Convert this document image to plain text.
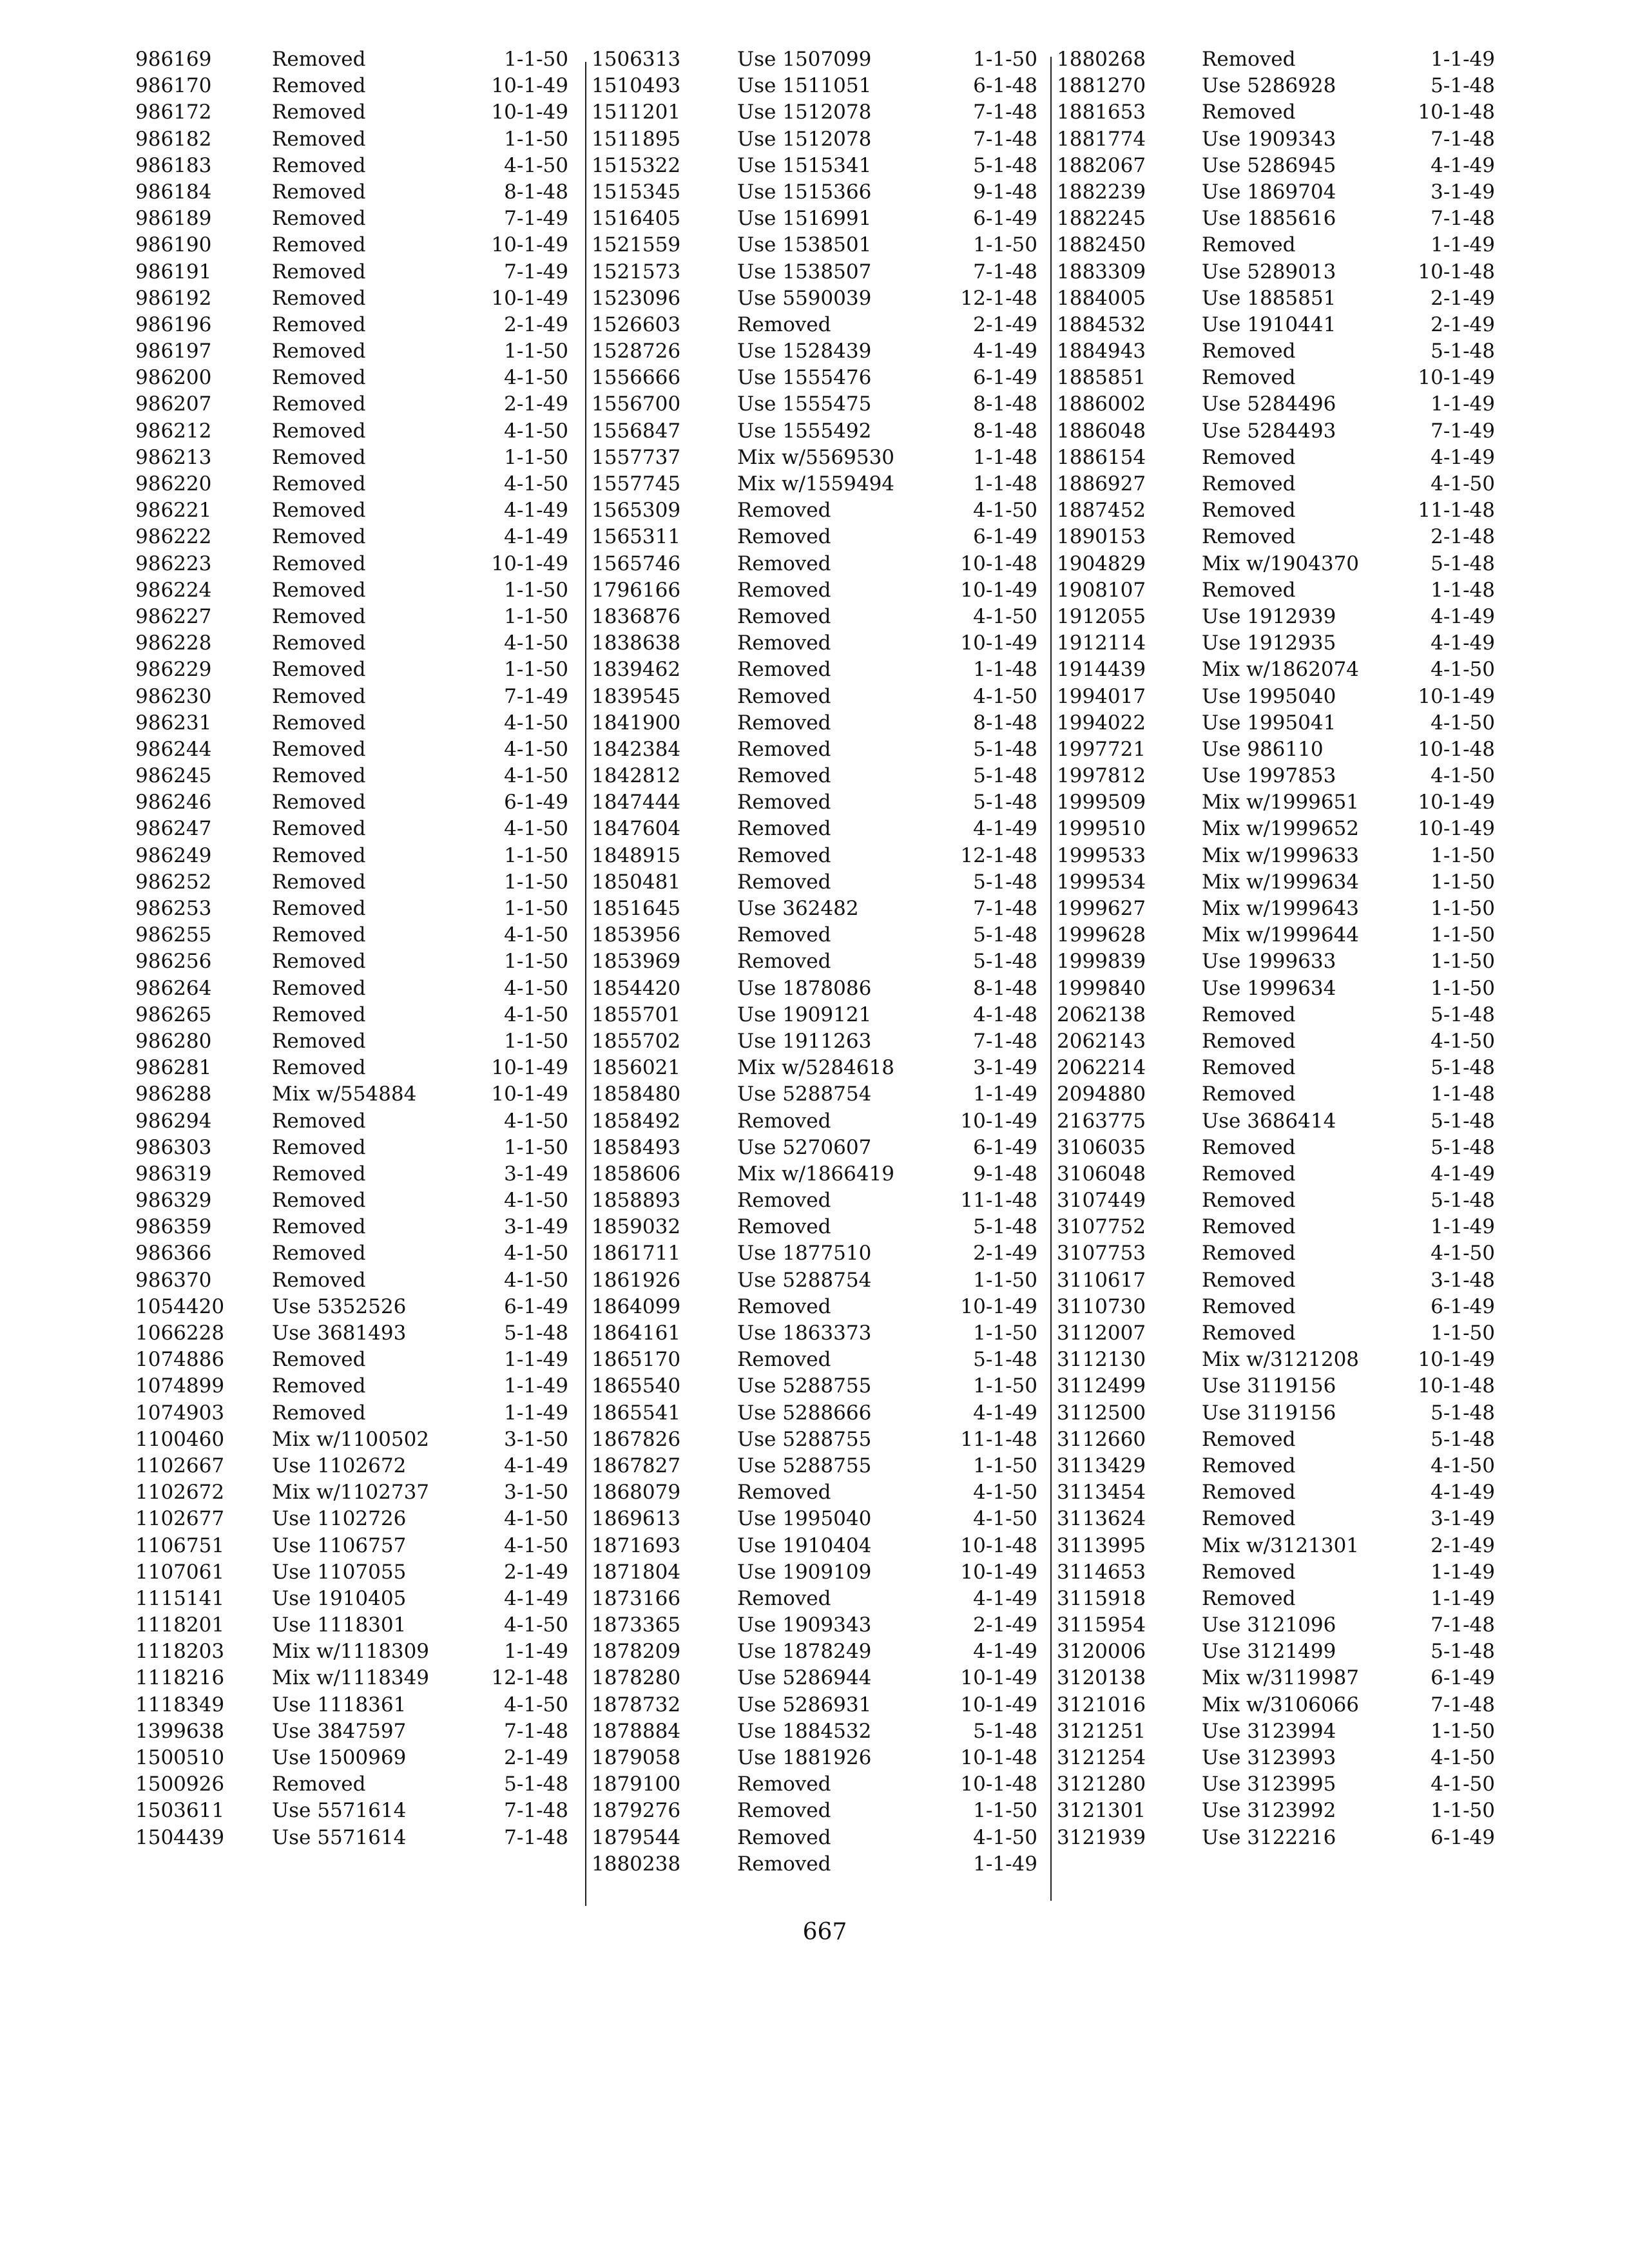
986169	Removed	1-1-50
986170	Removed	10-1-49
986172	Removed	10-1-49
986182	Removed	1-1-50
986183	Removed	4-1-50
986184	Removed	8-1-48
986189	Removed	7-1-49
986190	Removed	10-1-49
986191	Removed	7-1-49
986192	Removed	10-1-49
986196	Removed	2-1-49
986197	Removed	1-1-50
986200	Removed	4-1-50
986207	Removed	2-1-49
986212	Removed	4-1-50
986213	Removed	1-1-50
986220	Removed	4-1-50
986221	Removed	4-1-49
986222	Removed	4-1-49
986223	Removed	10-1-49
986224	Removed	1-1-50
986227	Removed	1-1-50
986228	Removed	4-1-50
986229	Removed	1-1-50
986230	Removed	7-1-49
986231	Removed	4-1-50
986244	Removed	4-1-50
986245	Removed	4-1-50
986246	Removed	6-1-49
986247	Removed	4-1-50
986249	Removed	1-1-50
986252	Removed	1-1-50
986253	Removed	1-1-50
986255	Removed	4-1-50
986256	Removed	1-1-50
986264	Removed	4-1-50
986265	Removed	4-1-50
986280	Removed	1-1-50
986281	Removed	10-1-49
986288	Mix w/554884	10-1-49
986294	Removed	4-1-50
986303	Removed	1-1-50
986319	Removed	3-1-49
986329	Removed	4-1-50
986359	Removed	3-1-49
986366	Removed	4-1-50
986370	Removed	4-1-50
1054420 Use 5352526	6-1-49
1066228 Use 3681493	5-1-48
1074886 Removed	1-1-49
1074899 Removed	1-1-49
1074903 Removed	1-1-49
1100460 Mix w/1100502	3-1-50
1102667 Use 1102672	4-1-49
1102672 Mix w/1102737	3-1-50
1102677 Use 1102726	4-1-50
1106751 Use 1106757	4-1-50
1107061 Use 1107055	2-1-49
1115141 Use 1910405	4-1-49
1118201 Use 1118301	4-1-50
1118203 Mix w/1118309	1-1-49
1118216 Mix w/1118349	12-1-48
1118349 Use 1118361	4-1-50
1399638 Use 3847597	7-1-48
1500510 Use 1500969	2-1-49
1500926 Removed	5-1-48
1503611 Use 5571614	7-1-48
1504439 Use 5571614	7-1-48
1506313	Use 1507099	1-1-50
1510493	Use 1511051	6-1-48
1511201	Use 1512078	7-1-48
1511895	Use 1512078	7-1-48
1515322	Use 1515341	5-1-48
1515345	Use 1515366	9-1-48
1516405	Use 1516991	6-1-49
1521559	Use 1538501	1-1-50
1521573	Use 1538507	7-1-48
1523096	Use 5590039	12-1-48
1526603	Removed	2-1-49
1528726	Use 1528439	4-1-49
1556666	Use 1555476	6-1-49
1556700	Use 1555475	8-1-48
1556847	Use 1555492	8-1-48
1557737	Mix w/5569530	1-1-48
1557745	Mix w/1559494	1-1-48
1565309	Removed	4-1-50
1565311	Removed	6-1-49
1565746	Removed	10-1-48
1796166	Removed	10-1-49
1836876	Removed	4-1-50
1838638	Removed	10-1-49
1839462	Removed	1-1-48
1839545	Removed	4-1-50
1841900	Removed	8-1-48
1842384	Removed	5-1-48
1842812	Removed	5-1-48
1847444	Removed	5-1-48
1847604	Removed	4-1-49
1848915	Removed	12-1-48
1850481	Removed	5-1-48
1851645	Use 362482	7-1-48
1853956	Removed	5-1-48
1853969	Removed	5-1-48
1854420	Use 1878086	8-1-48
1855701	Use 1909121	4-1-48
1855702	Use 1911263	7-1-48
1856021	Mix w/5284618	3-1-49
1858480	Use 5288754	1-1-49
1858492	Removed	10-1-49
1858493	Use 5270607	6-1-49
1858606	Mix w/1866419	9-1-48
1858893	Removed	11-1-48
1859032	Removed	5-1-48
1861711	Use 1877510	2-1-49
1861926	Use 5288754	1-1-50
1864099	Removed	10-1-49
1864161	Use 1863373	1-1-50
1865170	Removed	5-1-48
1865540	Use 5288755	1-1-50
1865541	Use 5288666	4-1-49
1867826	Use 5288755	11-1-48
1867827	Use 5288755	1-1-50
1868079	Removed	4-1-50
1869613	Use 1995040	4-1-50
1871693	Use 1910404	10-1-48
1871804	Use 1909109	10-1-49
1873166	Removed	4-1-49
1873365	Use 1909343	2-1-49
1878209	Use 1878249	4-1-49
1878280	Use 5286944	10-1-49
1878732	Use 5286931	10-1-49
1878884	Use 1884532	5-1-48
1879058	Use 1881926	10-1-48
1879100	Removed	10-1-48
1879276	Removed	1-1-50
1879544	Removed	4-1-50
1880238	Removed	1-1-49
1880268	Removed	1-1-49
1881270	Use 5286928	5-1-48
1881653	Removed	10-1-48
1881774	Use 1909343	7-1-48
1882067	Use 5286945	4-1-49
1882239	Use 1869704	3-1-49
1882245	Use 1885616	7-1-48
1882450	Removed	1-1-49
1883309	Use 5289013	10-1-48
1884005	Use 1885851	2-1-49
1884532	Use 1910441	2-1-49
1884943	Removed	5-1-48
1885851	Removed	10-1-49
1886002	Use 5284496	1-1-49
1886048	Use 5284493	7-1-49
1886154	Removed	4-1-49
1886927	Removed	4-1-50
1887452	Removed	11-1-48
1890153	Removed	2-1-48
1904829	Mix w/1904370	5-1-48
1908107	Removed	1-1-48
1912055	Use 1912939	4-1-49
1912114	Use 1912935	4-1-49
1914439	Mix w/1862074	4-1-50
1994017	Use 1995040	10-1-49
1994022	Use 1995041	4-1-50
1997721	Use 986110	10-1-48
1997812	Use 1997853	4-1-50
1999509	Mix w/1999651	10-1-49
1999510	Mix w/1999652	10-1-49
1999533	Mix w/1999633	1-1-50
1999534	Mix w/1999634	1-1-50
1999627	Mix w/1999643	1-1-50
1999628	Mix w/1999644	1-1-50
1999839	Use 1999633	1-1-50
1999840	Use 1999634	1-1-50
2062138	Removed	5-1-48
2062143	Removed	4-1-50
2062214	Removed	5-1-48
2094880	Removed	1-1-48
2163775	Use 3686414	5-1-48
3106035	Removed	5-1-48
3106048	Removed	4-1-49
3107449	Removed	5-1-48
3107752	Removed	1-1-49
3107753	Removed	4-1-50
3110617	Removed	3-1-48
3110730	Removed	6-1-49
3112007	Removed	1-1-50
3112130	Mix w/3121208	10-1-49
3112499	Use 3119156	10-1-48
3112500	Use 3119156	5-1-48
3112660	Removed	5-1-48
3113429	Removed	4-1-50
3113454	Removed	4-1-49
3113624	Removed	3-1-49
3113995	Mix w/3121301	2-1-49
3114653	Removed	1-1-49
3115918	Removed	1-1-49
3115954	Use 3121096	7-1-48
3120006	Use 3121499	5-1-48
3120138	Mix w/3119987	6-1-49
3121016	Mix w/3106066	7-1-48
3121251	Use 3123994	1-1-50
3121254	Use 3123993	4-1-50
3121280	Use 3123995	4-1-50
3121301	Use 3123992	1-1-50
3121939	Use 3122216	6-1-49
667
